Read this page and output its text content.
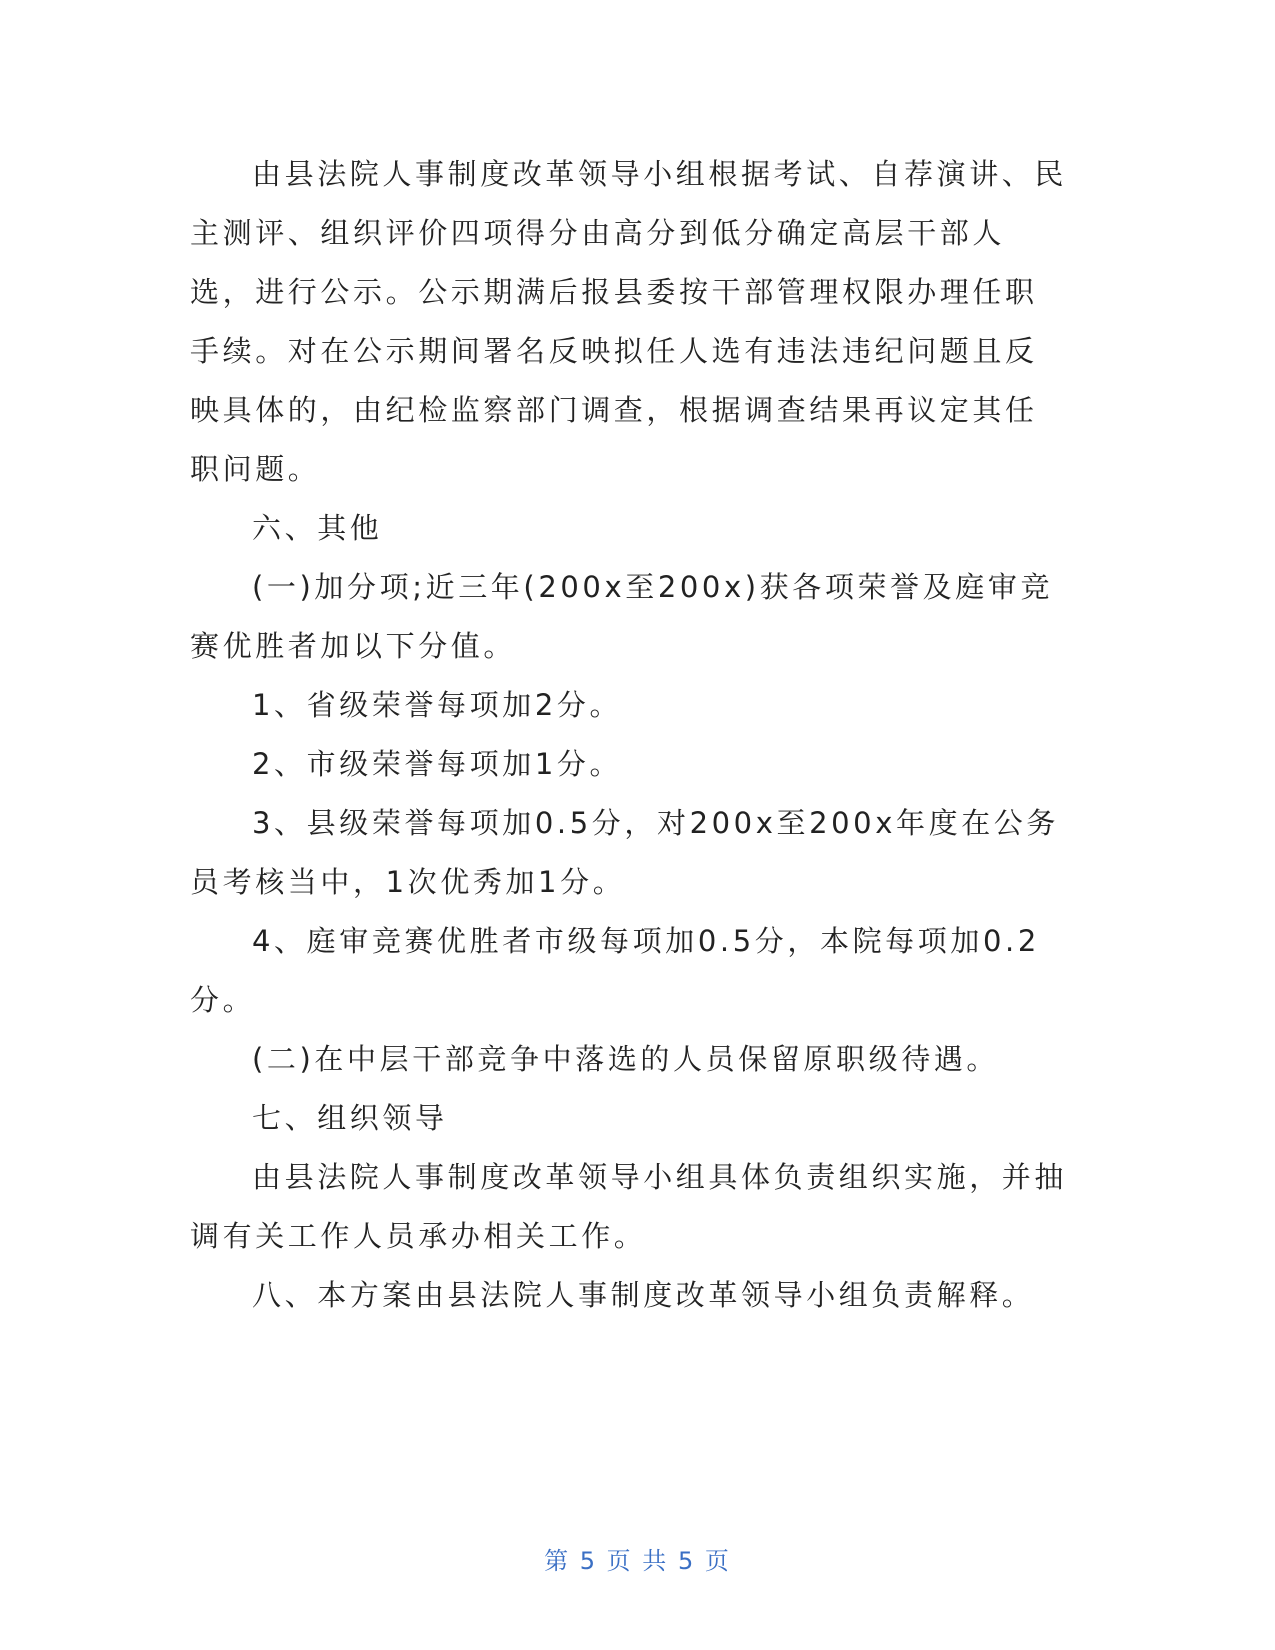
由县法院人事制度改革领导小组根据考试、自荐演讲、民主测评、组织评价四项得分由高分到低分确定高层干部人选，进行公示。公示期满后报县委按干部管理权限办理任职手续。对在公示期间署名反映拟任人选有违法违纪问题且反映具体的，由纪检监察部门调查，根据调查结果再议定其任职问题。

六、其他

(一)加分项;近三年(200x至200x)获各项荣誉及庭审竞赛优胜者加以下分值。

1、省级荣誉每项加2分。

2、市级荣誉每项加1分。

3、县级荣誉每项加0.5分，对200x至200x年度在公务员考核当中，1次优秀加1分。

4、庭审竞赛优胜者市级每项加0.5分，本院每项加0.2分。

(二)在中层干部竞争中落选的人员保留原职级待遇。

七、组织领导

由县法院人事制度改革领导小组具体负责组织实施，并抽调有关工作人员承办相关工作。

八、本方案由县法院人事制度改革领导小组负责解释。

第 5 页 共 5 页
